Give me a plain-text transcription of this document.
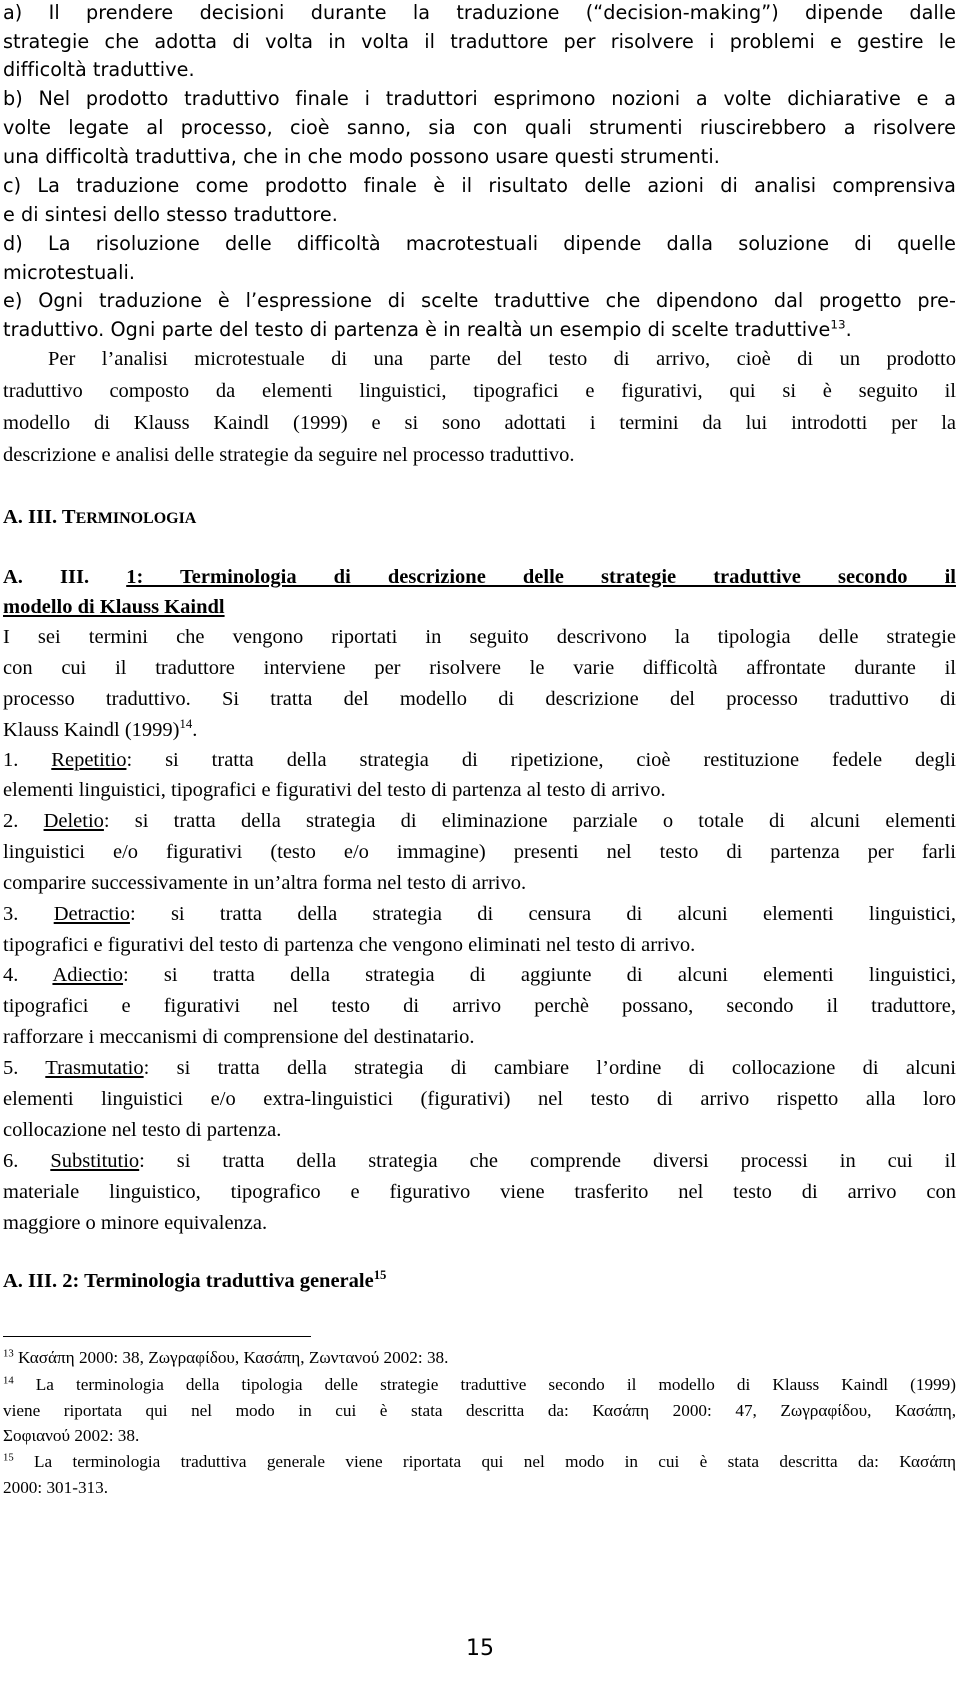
a) Il prendere decisioni durante la traduzione (“decision-making”) dipende dalle
strategie che adotta di volta in volta il traduttore per risolvere i problemi e gestire le
difficoltà traduttive.
b) Nel prodotto traduttivo finale i traduttori esprimono nozioni a volte dichiarative e a
volte legate al processo, cioè sanno, sia con quali strumenti riuscirebbero a risolvere
una difficoltà traduttiva, che in che modo possono usare questi strumenti.
c) La traduzione come prodotto finale è il risultato delle azioni di analisi comprensiva
e di sintesi dello stesso traduttore.
d) La risoluzione delle difficoltà macrotestuali dipende dalla soluzione di quelle
microtestuali.
e) Ogni traduzione è l’espressione di scelte traduttive che dipendono dal progetto pre-
traduttivo. Ogni parte del testo di partenza è in realtà un esempio di scelte traduttive$^{13}$.
Per l’analisi microtestuale di una parte del testo di arrivo, cioè di un prodotto
traduttivo composto da elementi linguistici, tipografici e figurativi, qui si è seguito il
modello di Klauss Kaindl (1999) e si sono adottati i termini da lui introdotti per la
descrizione e analisi delle strategie da seguire nel processo traduttivo.
A. III. TERMINOLOGIA
A. III. 1: Terminologia di descrizione delle strategie traduttive secondo il
modello di Klauss Kaindl
I sei termini che vengono riportati in seguito descrivono la tipologia delle strategie
con cui il traduttore interviene per risolvere le varie difficoltà affrontate durante il
processo traduttivo. Si tratta del modello di descrizione del processo traduttivo di
Klauss Kaindl $(1999)^{14}$.
1. Repetitio: si tratta della strategia di ripetizione, cioè restituzione fedele degli
elementi linguistici, tipografici e figurativi del testo di partenza al testo di arrivo.
2. Deletio: si tratta della strategia di eliminazione parziale o totale di alcuni elementi
linguistici e/o figurativi (testo e/o immagine) presenti nel testo di partenza per farli
comparire successivamente in un’altra forma nel testo di arrivo.
3. Detractio: si tratta della strategia di censura di alcuni elementi linguistici,
tipografici e figurativi del testo di partenza che vengono eliminati nel testo di arrivo.
4. Adiectio: si tratta della strategia di aggiunte di alcuni elementi linguistici,
tipografici e figurativi nel testo di arrivo perchè possano, secondo il traduttore,
rafforzare i meccanismi di comprensione del destinatario.
5. Trasmutatio: si tratta della strategia di cambiare l’ordine di collocazione di alcuni
elementi linguistici e/o extra-linguistici (figurativi) nel testo di arrivo rispetto alla loro
collocazione nel testo di partenza.
6. Substitutio: si tratta della strategia che comprende diversi processi in cui il
materiale linguistico, tipografico e figurativo viene trasferito nel testo di arrivo con
maggiore o minore equivalenza.
A. III. 2: Terminologia traduttiva generale$^{15}$
$^{13}$ Κασάπη 2000: 38, Ζωγραφίδου, Κασάπη, Ζωντανού 2002: 38.
$^{14}$ La terminologia della tipologia delle strategie traduttive secondo il modello di Klauss Kaindl (1999)
viene riportata qui nel modo in cui è stata descritta da: Κασάπη 2000: 47, Ζωγραφίδου, Κασάπη,
Σοφιανού 2002: 38.
$^{15}$ La terminologia traduttiva generale viene riportata qui nel modo in cui è stata descritta da: Κασάπη
2000: 301-313.
15
